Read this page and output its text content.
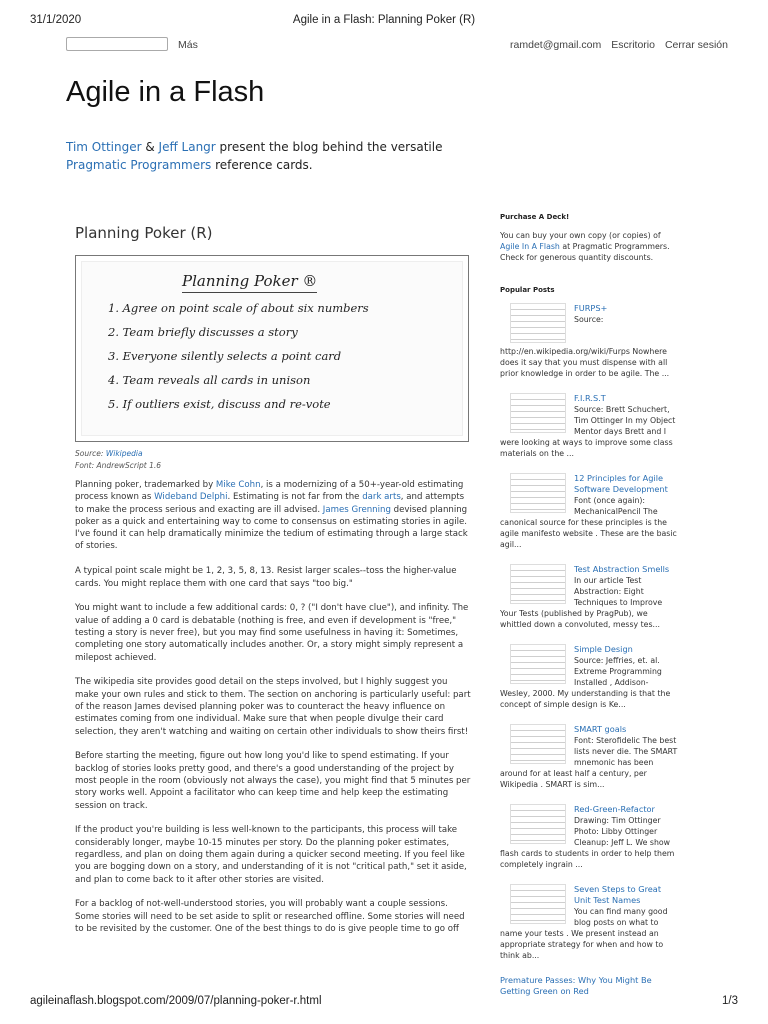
31/1/2020	Agile in a Flash: Planning Poker (R)
Más	ramdet@gmail.com Escritorio Cerrar sesión
Agile in a Flash

Tim Ottinger & Jeff Langr present the blog behind the versatile Pragmatic Programmers reference cards.

Planning Poker (R)
Planning Poker ®
1. Agree on point scale of about six numbers
2. Team briefly discusses a story
3. Everyone silently selects a point card
4. Team reveals all cards in unison
5. If outliers exist, discuss and re-vote
Source: Wikipedia
Font: AndrewScript 1.6

Planning poker, trademarked by Mike Cohn, is a modernizing of a 50+-year-old estimating process known as Wideband Delphi. Estimating is not far from the dark arts, and attempts to make the process serious and exacting are ill advised. James Grenning devised planning poker as a quick and entertaining way to come to consensus on estimating stories in agile. I've found it can help dramatically minimize the tedium of estimating through a large stack of stories.

A typical point scale might be 1, 2, 3, 5, 8, 13. Resist larger scales--toss the higher-value cards. You might replace them with one card that says "too big."

You might want to include a few additional cards: 0, ? ("I don't have clue"), and infinity. The value of adding a 0 card is debatable (nothing is free, and even if development is "free," testing a story is never free), but you may find some usefulness in having it: Sometimes, completing one story automatically includes another. Or, a story might simply represent a milepost achieved.

The wikipedia site provides good detail on the steps involved, but I highly suggest you make your own rules and stick to them. The section on anchoring is particularly useful: part of the reason James devised planning poker was to counteract the heavy influence on estimates coming from one individual. Make sure that when people divulge their card selection, they aren't watching and waiting on certain other individuals to show theirs first!

Before starting the meeting, figure out how long you'd like to spend estimating. If your backlog of stories looks pretty good, and there's a good understanding of the project by most people in the room (obviously not always the case), you might find that 5 minutes per story works well. Appoint a facilitator who can keep time and help keep the estimating session on track.

If the product you're building is less well-known to the participants, this process will take considerably longer, maybe 10-15 minutes per story. Do the planning poker estimates, regardless, and plan on doing them again during a quicker second meeting. If you feel like you are bogging down on a story, and understanding of it is not "critical path," set it aside, and plan to come back to it after other stories are visited.

For a backlog of not-well-understood stories, you will probably want a couple sessions. Some stories will need to be set aside to split or researched offline. Some stories will need to be revisited by the customer. One of the best things to do is give people time to go off

Purchase A Deck!
You can buy your own copy (or copies) of Agile In A Flash at Pragmatic Programmers. Check for generous quantity discounts.
Popular Posts
FURPS+
Source: http://en.wikipedia.org/wiki/Furps Nowhere does it say that you must dispense with all prior knowledge in order to be agile. The ...
F.I.R.S.T
Source: Brett Schuchert, Tim Ottinger In my Object Mentor days Brett and I were looking at ways to improve some class materials on the ...
12 Principles for Agile Software Development
Font (once again): MechanicalPencil The canonical source for these principles is the agile manifesto website . These are the basic agil...
Test Abstraction Smells
In our article Test Abstraction: Eight Techniques to Improve Your Tests (published by PragPub), we whittled down a convoluted, messy tes...
Simple Design
Source: Jeffries, et. al. Extreme Programming Installed , Addison-Wesley, 2000. My understanding is that the concept of simple design is Ke...
SMART goals
Font: Sterofidelic The best lists never die. The SMART mnemonic has been around for at least half a century, per Wikipedia . SMART is sim...
Red-Green-Refactor
Drawing: Tim Ottinger Photo: Libby Ottinger Cleanup: Jeff L. We show flash cards to students in order to help them completely ingrain ...
Seven Steps to Great Unit Test Names
You can find many good blog posts on what to name your tests . We present instead an appropriate strategy for when and how to think ab...
Premature Passes: Why You Might Be Getting Green on Red
agileinaflash.blogspot.com/2009/07/planning-poker-r.html	1/3
